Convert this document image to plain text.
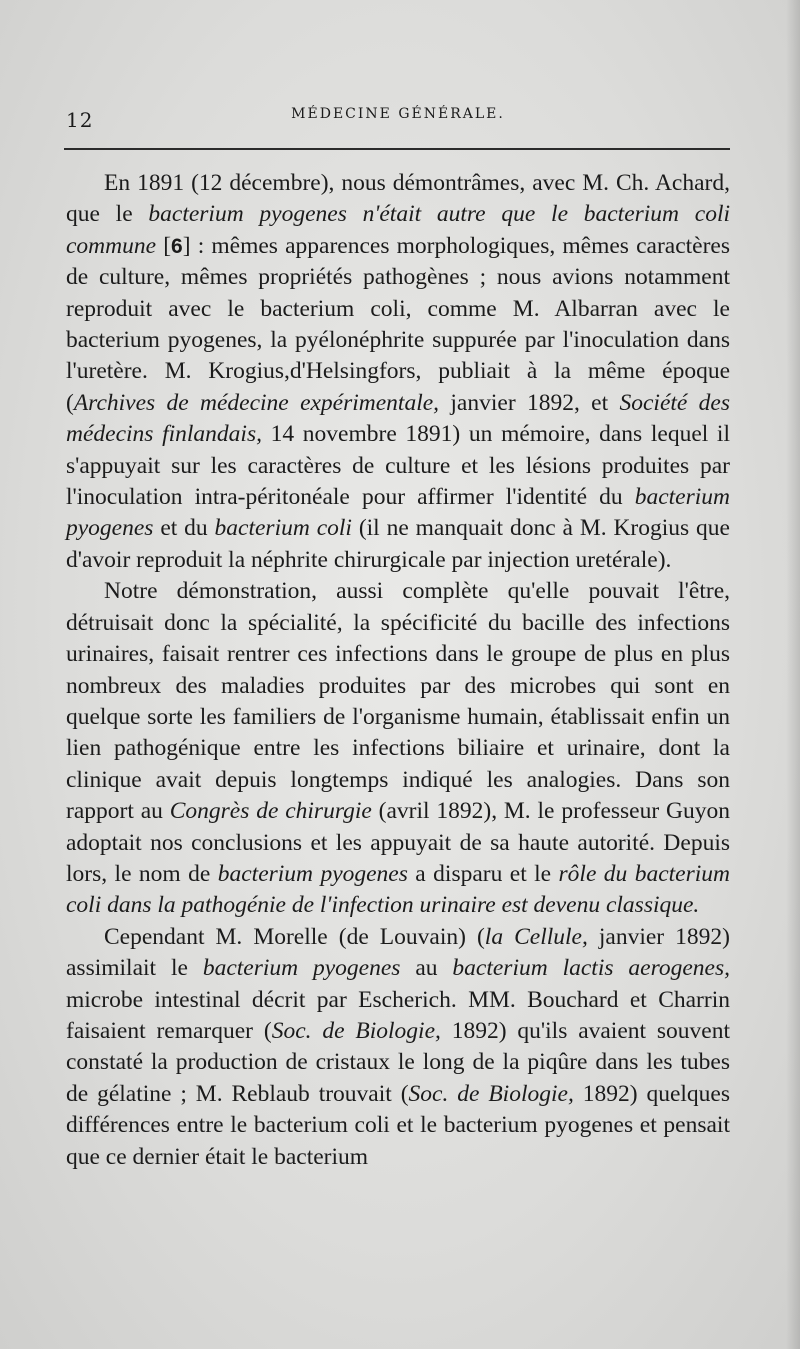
12	MÉDECINE GÉNÉRALE.

En 1891 (12 décembre), nous démontrâmes, avec M. Ch. Achard, que le bacterium pyogenes n'était autre que le bacterium coli commune [6] : mêmes apparences morphologiques, mêmes caractères de culture, mêmes propriétés pathogènes ; nous avions notamment reproduit avec le bacterium coli, comme M. Albarran avec le bacterium pyogenes, la pyélonéphrite suppurée par l'inoculation dans l'uretère. M. Krogius,d'Helsingfors, publiait à la même époque (Archives de médecine expérimentale, janvier 1892, et Société des médecins finlandais, 14 novembre 1891) un mémoire, dans lequel il s'appuyait sur les caractères de culture et les lésions produites par l'inoculation intra-péritonéale pour affirmer l'identité du bacterium pyogenes et du bacterium coli (il ne manquait donc à M. Krogius que d'avoir reproduit la néphrite chirurgicale par injection uretérale).

Notre démonstration, aussi complète qu'elle pouvait l'être, détruisait donc la spécialité, la spécificité du bacille des infections urinaires, faisait rentrer ces infections dans le groupe de plus en plus nombreux des maladies produites par des microbes qui sont en quelque sorte les familiers de l'organisme humain, établissait enfin un lien pathogénique entre les infections biliaire et urinaire, dont la clinique avait depuis longtemps indiqué les analogies. Dans son rapport au Congrès de chirurgie (avril 1892), M. le professeur Guyon adoptait nos conclusions et les appuyait de sa haute autorité. Depuis lors, le nom de bacterium pyogenes a disparu et le rôle du bacterium coli dans la pathogénie de l'infection urinaire est devenu classique.

Cependant M. Morelle (de Louvain) (la Cellule, janvier 1892) assimilait le bacterium pyogenes au bacterium lactis aerogenes, microbe intestinal décrit par Escherich. MM. Bouchard et Charrin faisaient remarquer (Soc. de Biologie, 1892) qu'ils avaient souvent constaté la production de cristaux le long de la piqûre dans les tubes de gélatine ; M. Reblaub trouvait (Soc. de Biologie, 1892) quelques différences entre le bacterium coli et le bacterium pyogenes et pensait que ce dernier était le bacterium
